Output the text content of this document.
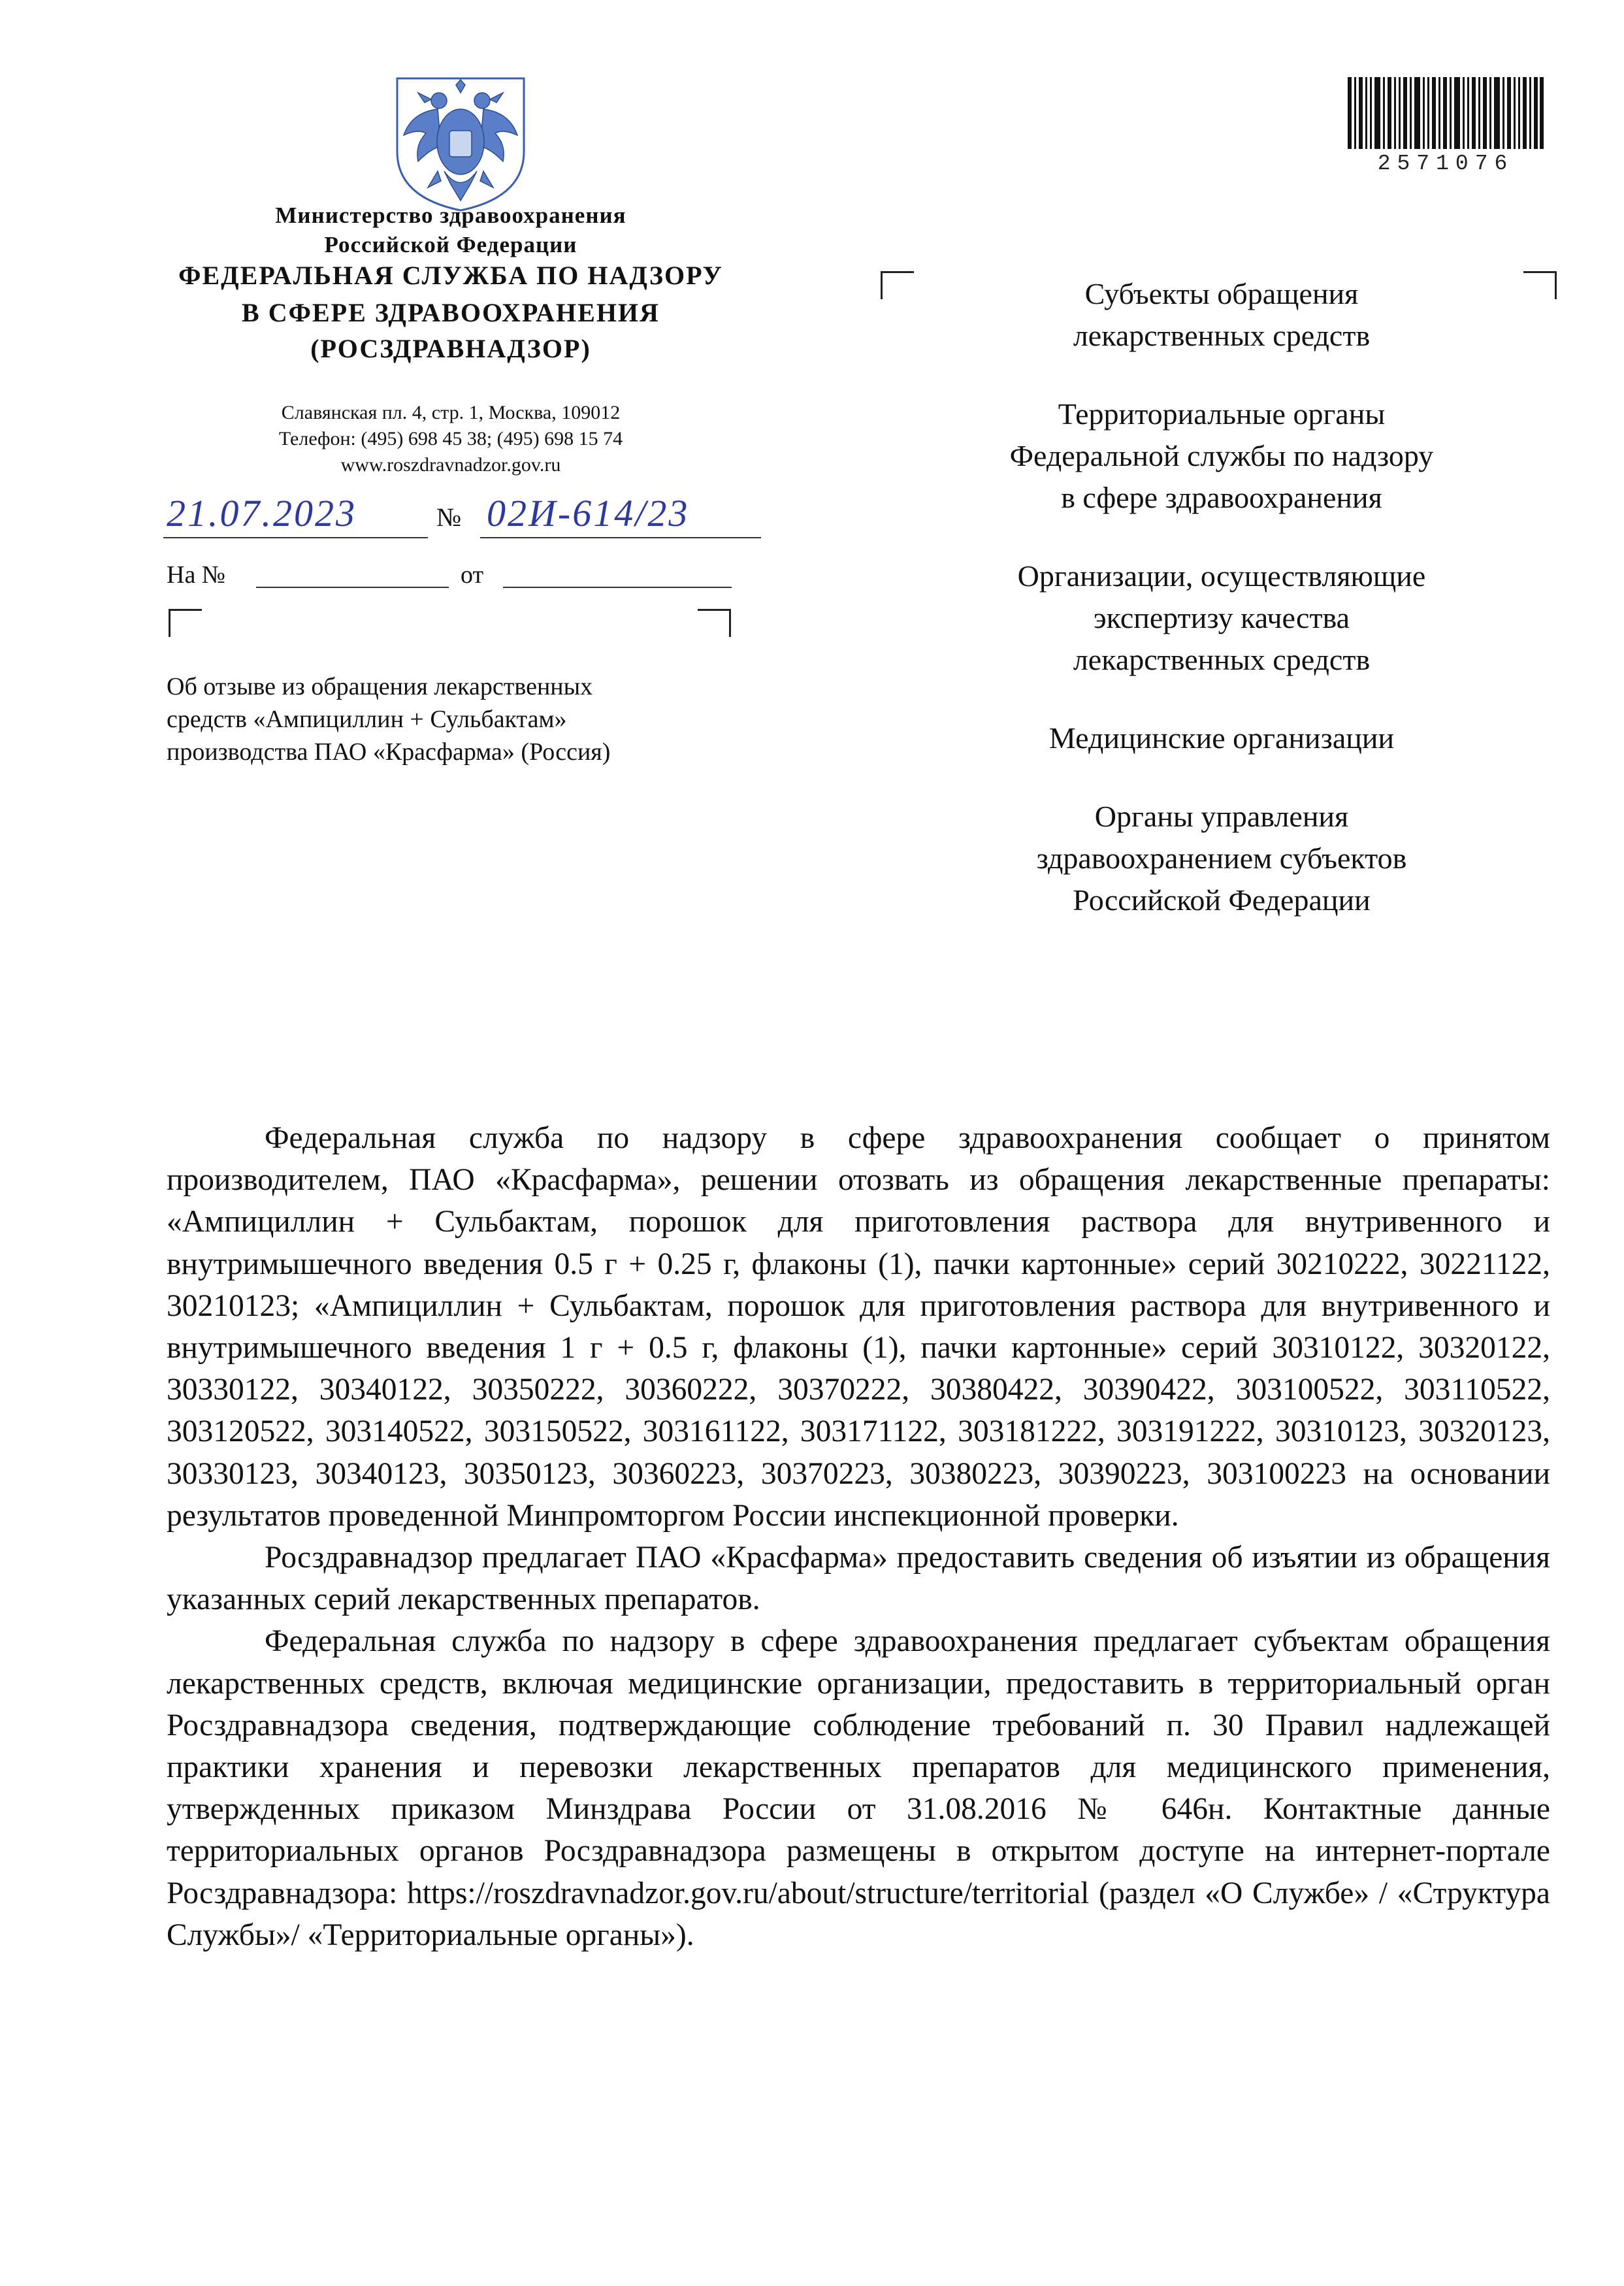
2571076
Министерство здравоохранения
Российской Федерации
ФЕДЕРАЛЬНАЯ СЛУЖБА ПО НАДЗОРУ
В СФЕРЕ ЗДРАВООХРАНЕНИЯ
(РОСЗДРАВНАДЗОР)
Славянская пл. 4, стр. 1, Москва, 109012
Телефон: (495) 698 45 38; (495) 698 15 74
www.roszdravnadzor.gov.ru
21.07.2023	№ 02И-614/23
На №	от
Об отзыве из обращения лекарственных
средств «Ампициллин + Сульбактам»
производства ПАО «Красфарма» (Россия)
Субъекты обращения
лекарственных средств
Территориальные органы
Федеральной службы по надзору
в сфере здравоохранения
Организации, осуществляющие
экспертизу качества
лекарственных средств
Медицинские организации
Органы управления
здравоохранением субъектов
Российской Федерации

Федеральная служба по надзору в сфере здравоохранения сообщает о принятом производителем, ПАО «Красфарма», решении отозвать из обращения лекарственные препараты: «Ампициллин + Сульбактам, порошок для приготовления раствора для внутривенного и внутримышечного введения 0.5 г + 0.25 г, флаконы (1), пачки картонные» серий 30210222, 30221122, 30210123; «Ампициллин + Сульбактам, порошок для приготовления раствора для внутривенного и внутримышечного введения 1 г + 0.5 г, флаконы (1), пачки картонные» серий 30310122, 30320122, 30330122, 30340122, 30350222, 30360222, 30370222, 30380422, 30390422, 303100522, 303110522, 303120522, 303140522, 303150522, 303161122, 303171122, 303181222, 303191222, 30310123, 30320123, 30330123, 30340123, 30350123, 30360223, 30370223, 30380223, 30390223, 303100223 на основании результатов проведенной Минпромторгом России инспекционной проверки.

Росздравнадзор предлагает ПАО «Красфарма» предоставить сведения об изъятии из обращения указанных серий лекарственных препаратов.

Федеральная служба по надзору в сфере здравоохранения предлагает субъектам обращения лекарственных средств, включая медицинские организации, предоставить в территориальный орган Росздравнадзора сведения, подтверждающие соблюдение требований п. 30 Правил надлежащей практики хранения и перевозки лекарственных препаратов для медицинского применения, утвержденных приказом Минздрава России от 31.08.2016 № 646н. Контактные данные территориальных органов Росздравнадзора размещены в открытом доступе на интернет-портале Росздравнадзора: https://roszdravnadzor.gov.ru/about/structure/territorial (раздел «О Службе» / «Структура Службы»/ «Территориальные органы»).
